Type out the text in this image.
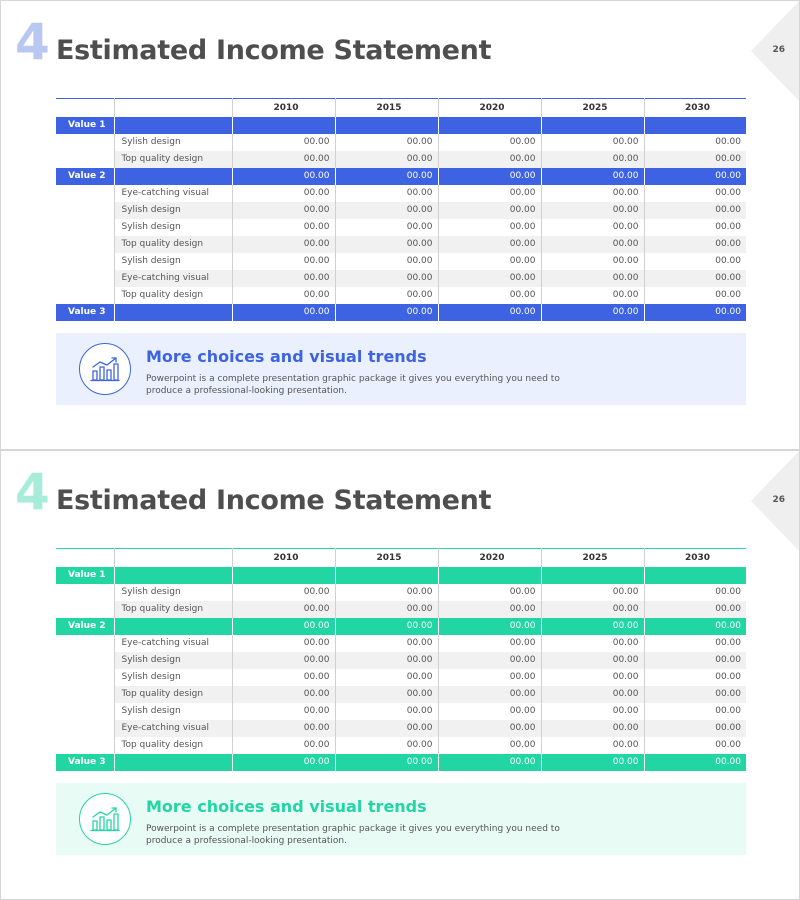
4 Estimated Income Statement	26
		2010	2015	2020	2025	2030
Value 1						
	Sylish design	00.00	00.00	00.00	00.00	00.00
	Top quality design	00.00	00.00	00.00	00.00	00.00
Value 2		00.00	00.00	00.00	00.00	00.00
	Eye-catching visual	00.00	00.00	00.00	00.00	00.00
	Sylish design	00.00	00.00	00.00	00.00	00.00
	Sylish design	00.00	00.00	00.00	00.00	00.00
	Top quality design	00.00	00.00	00.00	00.00	00.00
	Sylish design	00.00	00.00	00.00	00.00	00.00
	Eye-catching visual	00.00	00.00	00.00	00.00	00.00
	Top quality design	00.00	00.00	00.00	00.00	00.00
Value 3		00.00	00.00	00.00	00.00	00.00
More choices and visual trends
Powerpoint is a complete presentation graphic package it gives you everything you need to produce a professional-looking presentation.
4 Estimated Income Statement	26
		2010	2015	2020	2025	2030
Value 1						
	Sylish design	00.00	00.00	00.00	00.00	00.00
	Top quality design	00.00	00.00	00.00	00.00	00.00
Value 2		00.00	00.00	00.00	00.00	00.00
	Eye-catching visual	00.00	00.00	00.00	00.00	00.00
	Sylish design	00.00	00.00	00.00	00.00	00.00
	Sylish design	00.00	00.00	00.00	00.00	00.00
	Top quality design	00.00	00.00	00.00	00.00	00.00
	Sylish design	00.00	00.00	00.00	00.00	00.00
	Eye-catching visual	00.00	00.00	00.00	00.00	00.00
	Top quality design	00.00	00.00	00.00	00.00	00.00
Value 3		00.00	00.00	00.00	00.00	00.00
More choices and visual trends
Powerpoint is a complete presentation graphic package it gives you everything you need to produce a professional-looking presentation.
